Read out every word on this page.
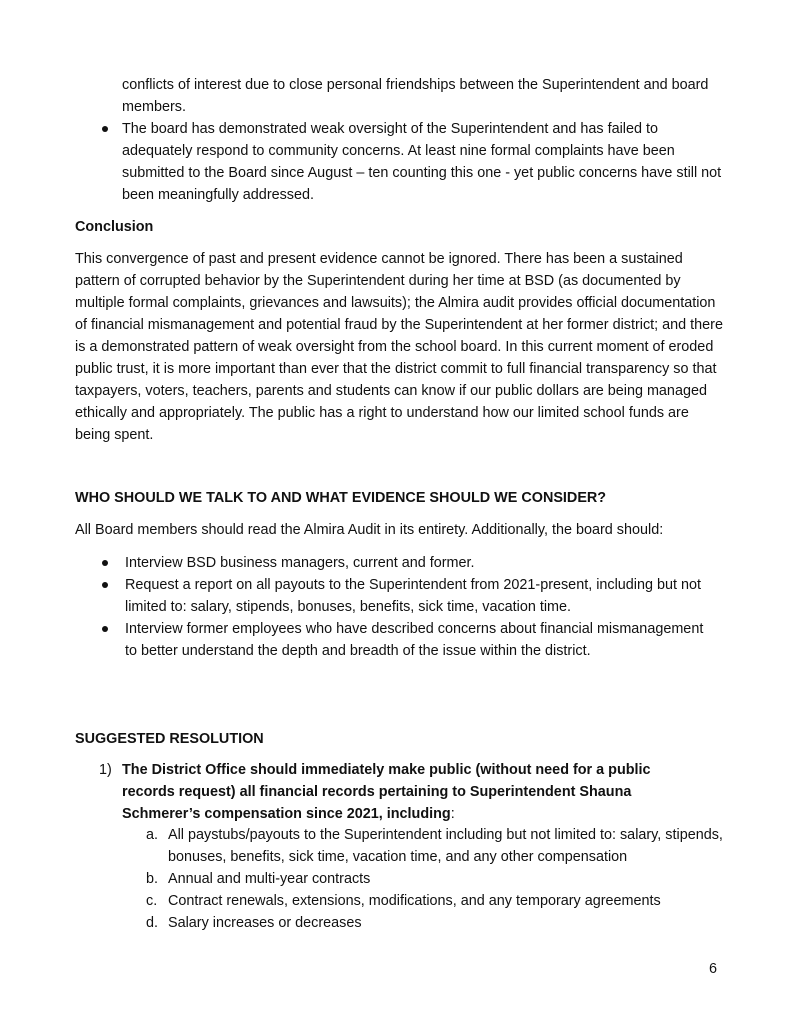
conflicts of interest due to close personal friendships between the Superintendent and board members.

The board has demonstrated weak oversight of the Superintendent and has failed to adequately respond to community concerns. At least nine formal complaints have been submitted to the Board since August – ten counting this one - yet public concerns have still not been meaningfully addressed.

Conclusion

This convergence of past and present evidence cannot be ignored. There has been a sustained pattern of corrupted behavior by the Superintendent during her time at BSD (as documented by multiple formal complaints, grievances and lawsuits); the Almira audit provides official documentation of financial mismanagement and potential fraud by the Superintendent at her former district; and there is a demonstrated pattern of weak oversight from the school board. In this current moment of eroded public trust, it is more important than ever that the district commit to full financial transparency so that taxpayers, voters, teachers, parents and students can know if our public dollars are being managed ethically and appropriately. The public has a right to understand how our limited school funds are being spent.

WHO SHOULD WE TALK TO AND WHAT EVIDENCE SHOULD WE CONSIDER?

All Board members should read the Almira Audit in its entirety. Additionally, the board should:

Interview BSD business managers, current and former.

Request a report on all payouts to the Superintendent from 2021-present, including but not limited to: salary, stipends, bonuses, benefits, sick time, vacation time.

Interview former employees who have described concerns about financial mismanagement to better understand the depth and breadth of the issue within the district.

SUGGESTED RESOLUTION

1) The District Office should immediately make public (without need for a public records request) all financial records pertaining to Superintendent Shauna Schmerer’s compensation since 2021, including:

a. All paystubs/payouts to the Superintendent including but not limited to: salary, stipends, bonuses, benefits, sick time, vacation time, and any other compensation
b. Annual and multi-year contracts
c. Contract renewals, extensions, modifications, and any temporary agreements
d. Salary increases or decreases
6
